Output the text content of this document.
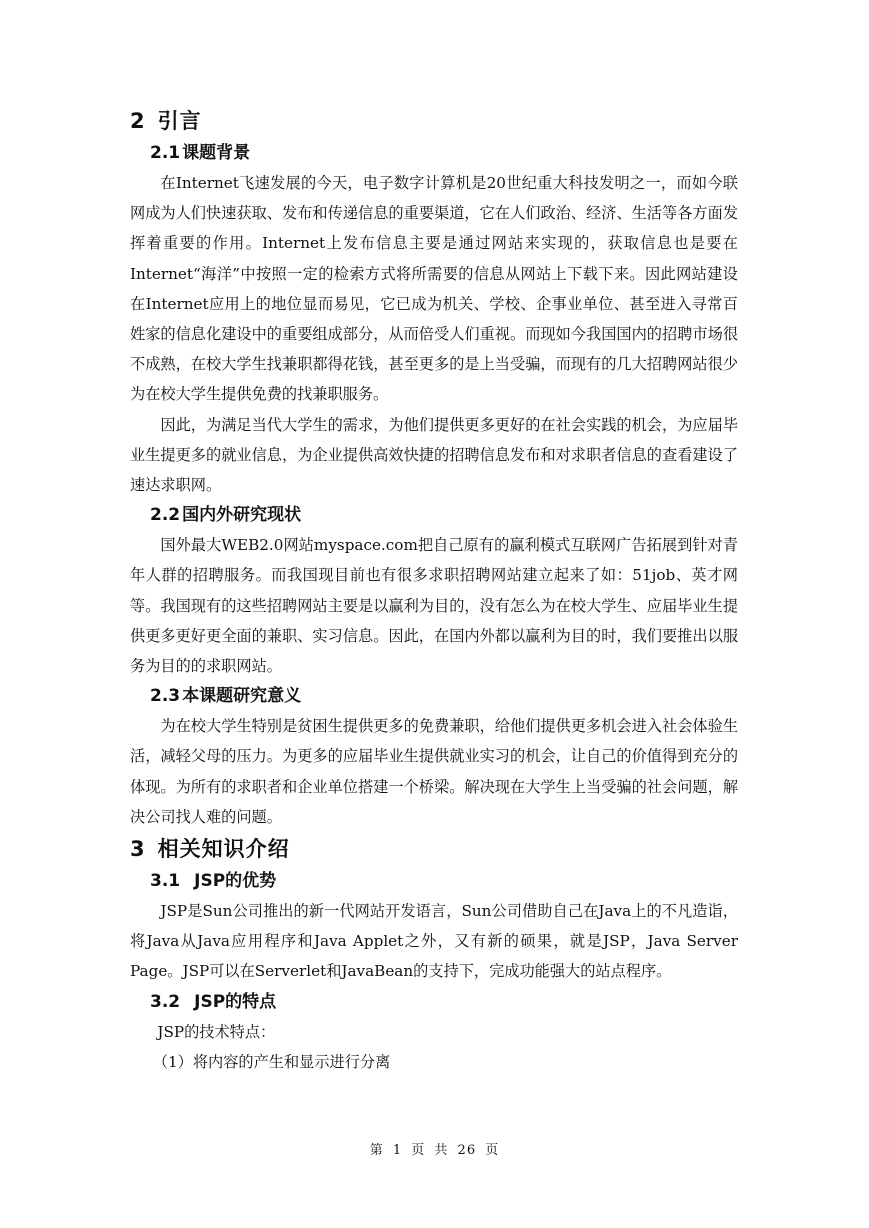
2 引言
2.1 课题背景

在Internet飞速发展的今天，电子数字计算机是20世纪重大科技发明之一，而如今联网成为人们快速获取、发布和传递信息的重要渠道，它在人们政治、经济、生活等各方面发挥着重要的作用。Internet上发布信息主要是通过网站来实现的，获取信息也是要在Internet“海洋”中按照一定的检索方式将所需要的信息从网站上下载下来。因此网站建设在Internet应用上的地位显而易见，它已成为机关、学校、企事业单位、甚至进入寻常百姓家的信息化建设中的重要组成部分，从而倍受人们重视。而现如今我国国内的招聘市场很不成熟，在校大学生找兼职都得花钱，甚至更多的是上当受骗，而现有的几大招聘网站很少为在校大学生提供免费的找兼职服务。

因此，为满足当代大学生的需求，为他们提供更多更好的在社会实践的机会，为应届毕业生提更多的就业信息，为企业提供高效快捷的招聘信息发布和对求职者信息的查看建设了速达求职网。

2.2 国内外研究现状

国外最大WEB2.0网站myspace.com把自己原有的赢利模式互联网广告拓展到针对青年人群的招聘服务。而我国现目前也有很多求职招聘网站建立起来了如：51job、英才网等。我国现有的这些招聘网站主要是以赢利为目的，没有怎么为在校大学生、应届毕业生提供更多更好更全面的兼职、实习信息。因此，在国内外都以赢利为目的时，我们要推出以服务为目的的求职网站。

2.3 本课题研究意义

为在校大学生特别是贫困生提供更多的免费兼职，给他们提供更多机会进入社会体验生活，减轻父母的压力。为更多的应届毕业生提供就业实习的机会，让自己的价值得到充分的体现。为所有的求职者和企业单位搭建一个桥梁。解决现在大学生上当受骗的社会问题，解决公司找人难的问题。

3 相关知识介绍
3.1 JSP的优势

JSP是Sun公司推出的新一代网站开发语言，Sun公司借助自己在Java上的不凡造诣，将Java从Java应用程序和Java Applet之外，又有新的硕果，就是JSP，Java Server Page。JSP可以在Serverlet和JavaBean的支持下，完成功能强大的站点程序。

3.2 JSP的特点

JSP的技术特点：

（1）将内容的产生和显示进行分离

第 1 页 共 26 页
